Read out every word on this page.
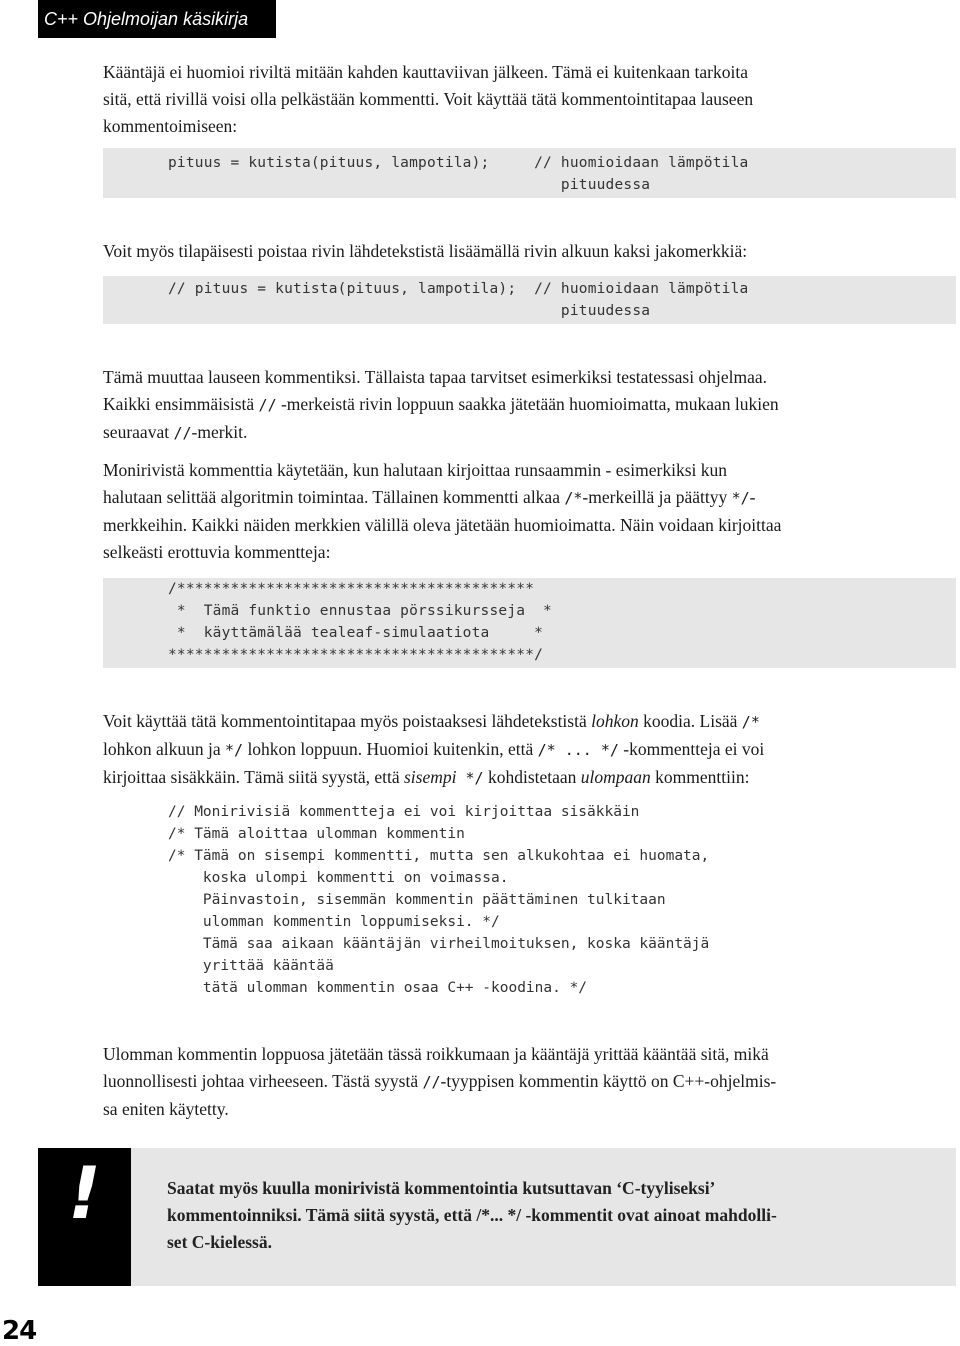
C++ Ohjelmoijan käsikirja
Kääntäjä ei huomioi riviltä mitään kahden kauttaviivan jälkeen. Tämä ei kuitenkaan tarkoita
sitä, että rivillä voisi olla pelkästään kommentti. Voit käyttää tätä kommentointitapaa lauseen
kommentoimiseen:
pituus = kutista(pituus, lampotila);     // huomioidaan lämpötila
pituudessa
Voit myös tilapäisesti poistaa rivin lähdetekstistä lisäämällä rivin alkuun kaksi jakomerkkiä:
// pituus = kutista(pituus, lampotila);  // huomioidaan lämpötila
pituudessa
Tämä muuttaa lauseen kommentiksi. Tällaista tapaa tarvitset esimerkiksi testatessasi ohjelmaa.
Kaikki ensimmäisistä // -merkeistä rivin loppuun saakka jätetään huomioimatta, mukaan lukien
seuraavat //-merkit.
Monirivistä kommenttia käytetään, kun halutaan kirjoittaa runsaammin - esimerkiksi kun
halutaan selittää algoritmin toimintaa. Tällainen kommentti alkaa /*-merkeillä ja päättyy */-
merkkeihin. Kaikki näiden merkkien välillä oleva jätetään huomioimatta. Näin voidaan kirjoittaa
selkeästi erottuvia kommentteja:
/****************************************
*  Tämä funktio ennustaa pörssikursseja  *
*  käyttämälää tealeaf-simulaatiota     *
*****************************************/
Voit käyttää tätä kommentointitapaa myös poistaaksesi lähdetekstistä lohkon koodia. Lisää /*
lohkon alkuun ja */ lohkon loppuun. Huomioi kuitenkin, että /* ... */ -kommentteja ei voi
kirjoittaa sisäkkäin. Tämä siitä syystä, että sisempi */ kohdistetaan ulompaan kommenttiin:
// Monirivisiä kommentteja ei voi kirjoittaa sisäkkäin
/* Tämä aloittaa ulomman kommentin
/* Tämä on sisempi kommentti, mutta sen alkukohtaa ei huomata,
koska ulompi kommentti on voimassa.
Päinvastoin, sisemmän kommentin päättäminen tulkitaan
ulomman kommentin loppumiseksi. */
Tämä saa aikaan kääntäjän virheilmoituksen, koska kääntäjä
yrittää kääntää
tätä ulomman kommentin osaa C++ -koodina. */
Ulomman kommentin loppuosa jätetään tässä roikkumaan ja kääntäjä yrittää kääntää sitä, mikä
luonnollisesti johtaa virheeseen. Tästä syystä //-tyyppisen kommentin käyttö on C++-ohjelmis-
sa eniten käytetty.
!	Saatat myös kuulla monirivistä kommentointia kutsuttavan ‘C-tyyliseksi’
kommentoinniksi. Tämä siitä syystä, että /*... */ -kommentit ovat ainoat mahdolli-
set C-kielessä.
24
